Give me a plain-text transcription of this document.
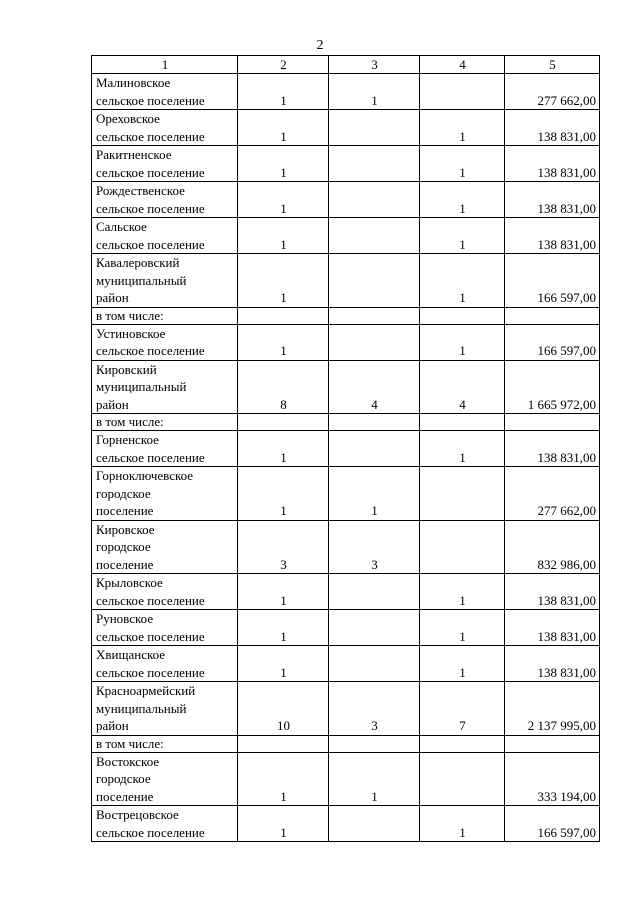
2
1	2	3	4	5

Малиновское
сельское поселение	1	1		277 662,00

Ореховское
сельское поселение	1		1	138 831,00

Ракитненское
сельское поселение	1		1	138 831,00

Рождественское
сельское поселение	1		1	138 831,00

Сальское
сельское поселение	1		1	138 831,00

Кавалеровский
муниципальный
район	1		1	166 597,00

в том числе:				

Устиновское
сельское поселение	1		1	166 597,00

Кировский
муниципальный
район	8	4	4	1 665 972,00

в том числе:				

Горненское
сельское поселение	1		1	138 831,00

Горноключевское
городское
поселение	1	1		277 662,00

Кировское
городское
поселение	3	3		832 986,00

Крыловское
сельское поселение	1		1	138 831,00

Руновское
сельское поселение	1		1	138 831,00

Хвищанское
сельское поселение	1		1	138 831,00

Красноармейский
муниципальный
район	10	3	7	2 137 995,00

в том числе:				

Востокское
городское
поселение	1	1		333 194,00

Вострецовское
сельское поселение	1		1	166 597,00
